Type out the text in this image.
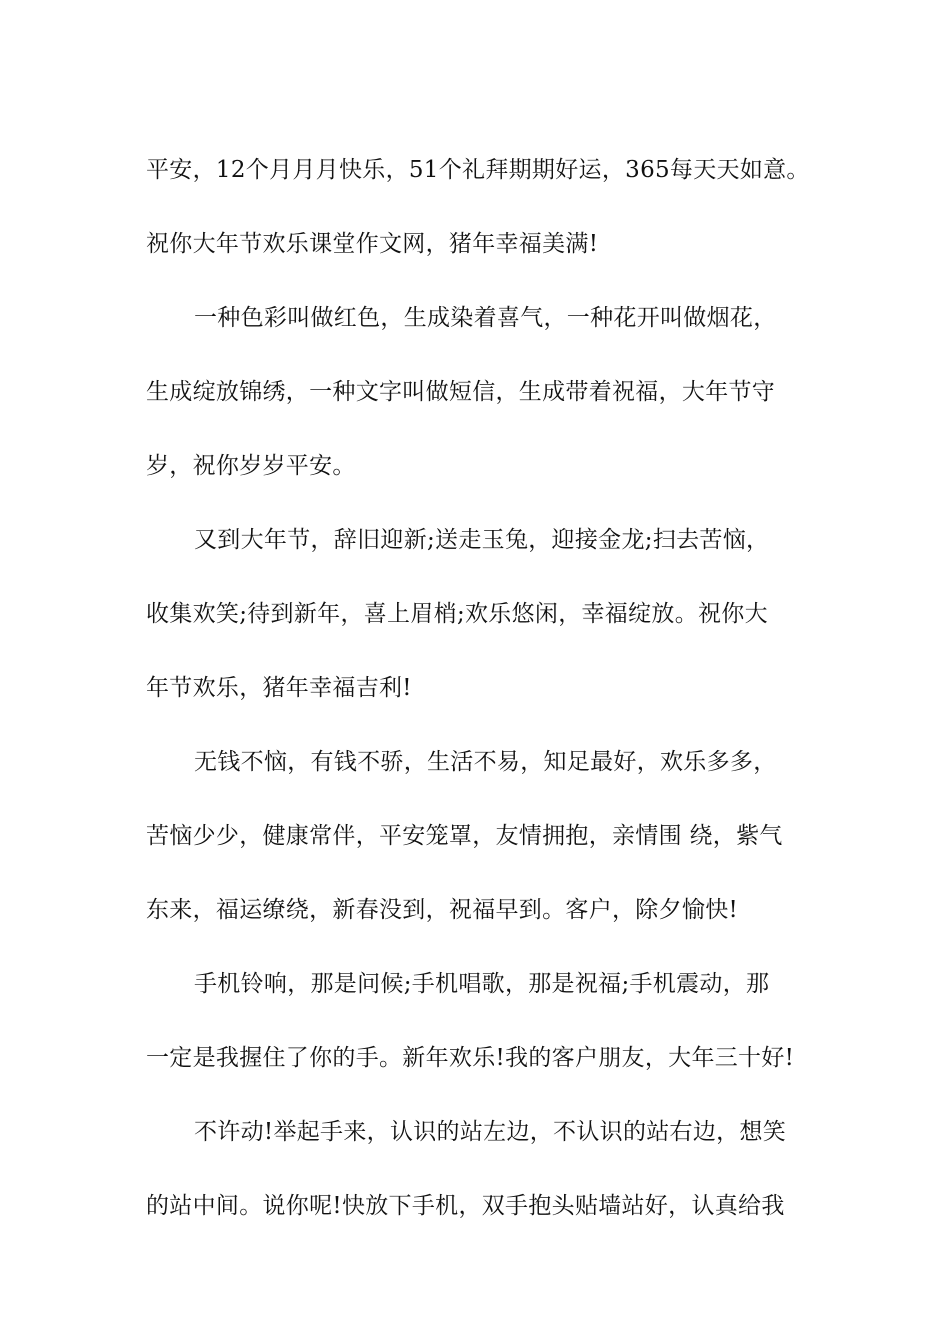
平安，12个月月月快乐，51个礼拜期期好运，365每天天如意。
祝你大年节欢乐课堂作文网，猪年幸福美满!
一种色彩叫做红色，生成染着喜气，一种花开叫做烟花，
生成绽放锦绣，一种文字叫做短信，生成带着祝福，大年节守
岁，祝你岁岁平安。
又到大年节，辞旧迎新;送走玉兔，迎接金龙;扫去苦恼，
收集欢笑;待到新年，喜上眉梢;欢乐悠闲，幸福绽放。祝你大
年节欢乐，猪年幸福吉利!
无钱不恼，有钱不骄，生活不易，知足最好，欢乐多多，
苦恼少少，健康常伴，平安笼罩，友情拥抱，亲情围 绕，紫气
东来，福运缭绕，新春没到，祝福早到。客户，除夕愉快!
手机铃响，那是问候;手机唱歌，那是祝福;手机震动，那
一定是我握住了你的手。新年欢乐!我的客户朋友，大年三十好!
不许动!举起手来，认识的站左边，不认识的站右边，想笑
的站中间。说你呢!快放下手机，双手抱头贴墙站好，认真给我
